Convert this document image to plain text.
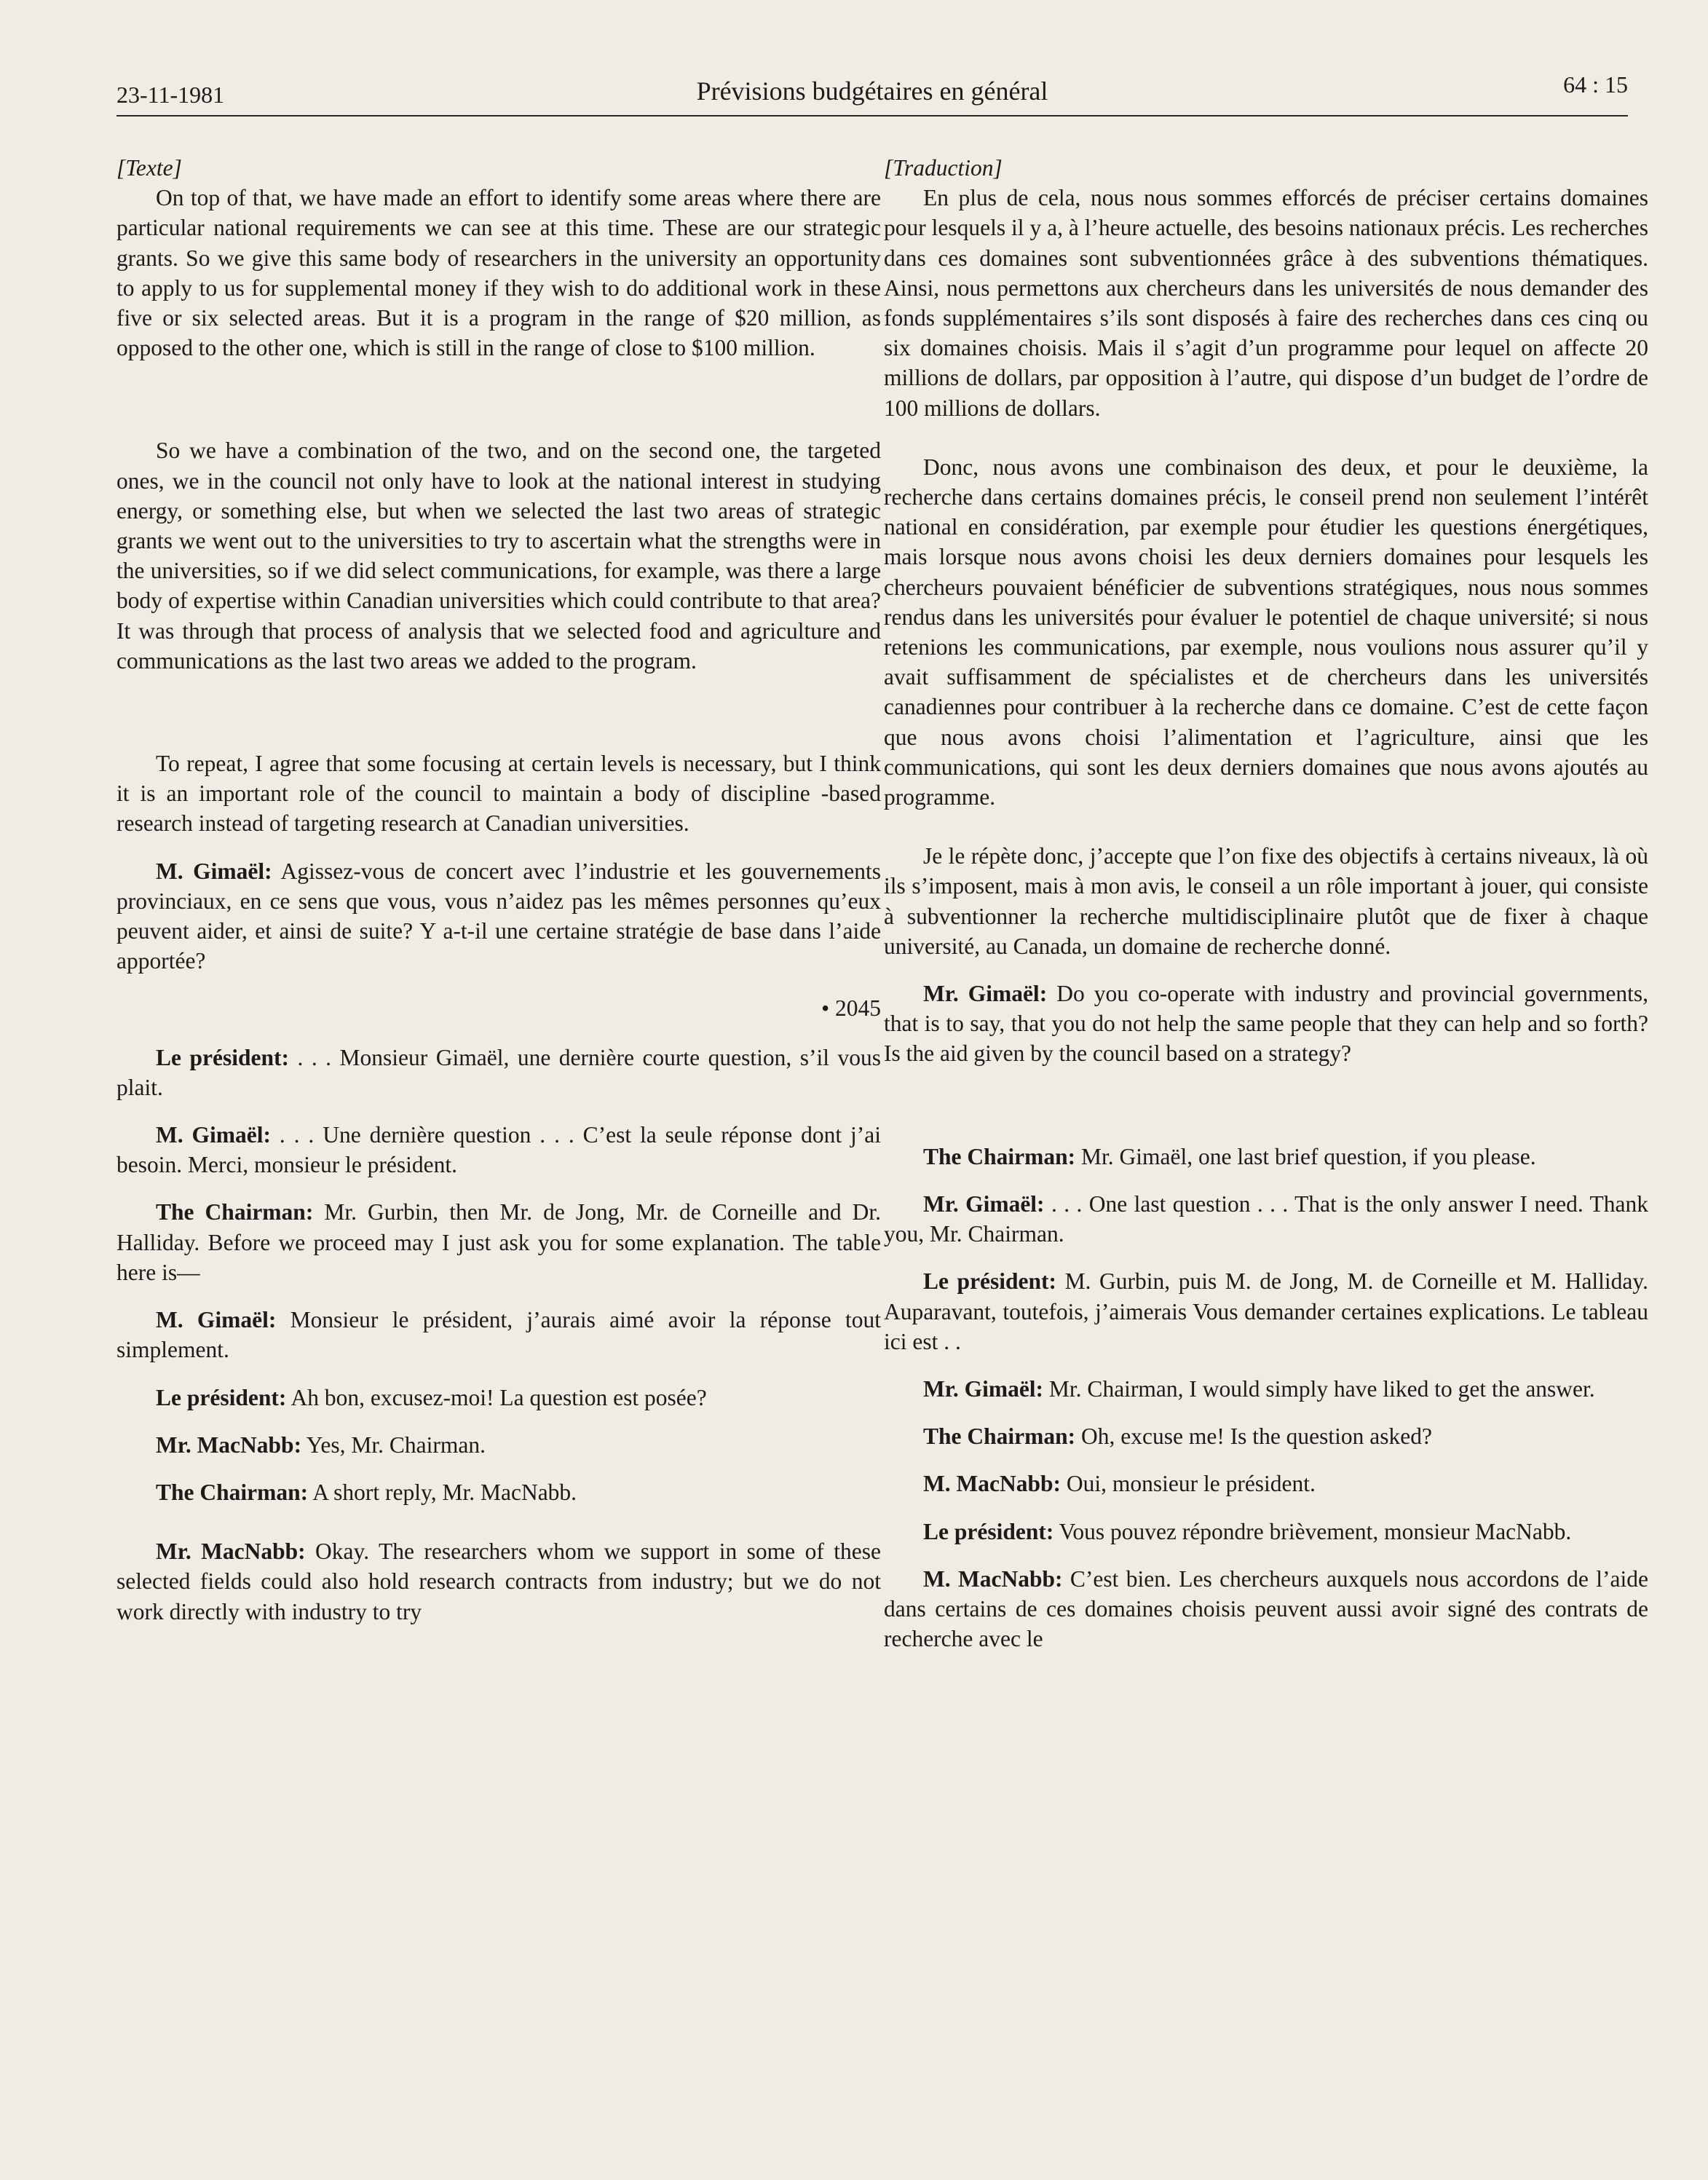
23-11-1981	Prévisions budgétaires en général	64 : 15

[Texte]

On top of that, we have made an effort to identify some areas where there are particular national requirements we can see at this time. These are our strategic grants. So we give this same body of researchers in the university an opportunity to apply to us for supplemental money if they wish to do additional work in these five or six selected areas. But it is a program in the range of $20 million, as opposed to the other one, which is still in the range of close to $100 million.

So we have a combination of the two, and on the second one, the targeted ones, we in the council not only have to look at the national interest in studying energy, or something else, but when we selected the last two areas of strategic grants we went out to the universities to try to ascertain what the strengths were in the universities, so if we did select communications, for example, was there a large body of expertise within Canadian universities which could contribute to that area? It was through that process of analysis that we selected food and agriculture and communications as the last two areas we added to the program.

To repeat, I agree that some focusing at certain levels is necessary, but I think it is an important role of the council to maintain a body of discipline -based research instead of targeting research at Canadian universities.

M. Gimaël: Agissez-vous de concert avec l’industrie et les gouvernements provinciaux, en ce sens que vous, vous n’aidez pas les mêmes personnes qu’eux peuvent aider, et ainsi de suite? Y a-t-il une certaine stratégie de base dans l’aide apportée?

• 2045

Le président: . . . Monsieur Gimaël, une dernière courte question, s’il vous plait.

M. Gimaël: . . . Une dernière question . . . C’est la seule réponse dont j’ai besoin. Merci, monsieur le président.

The Chairman: Mr. Gurbin, then Mr. de Jong, Mr. de Corneille and Dr. Halliday. Before we proceed may I just ask you for some explanation. The table here is—

M. Gimaël: Monsieur le président, j’aurais aimé avoir la réponse tout simplement.

Le président: Ah bon, excusez-moi! La question est posée?

Mr. MacNabb: Yes, Mr. Chairman.

The Chairman: A short reply, Mr. MacNabb.

Mr. MacNabb: Okay. The researchers whom we support in some of these selected fields could also hold research contracts from industry; but we do not work directly with industry to try

[Traduction]

En plus de cela, nous nous sommes efforcés de préciser certains domaines pour lesquels il y a, à l’heure actuelle, des besoins nationaux précis. Les recherches dans ces domaines sont subventionnées grâce à des subventions thématiques. Ainsi, nous permettons aux chercheurs dans les universités de nous demander des fonds supplémentaires s’ils sont disposés à faire des recherches dans ces cinq ou six domaines choisis. Mais il s’agit d’un programme pour lequel on affecte 20 millions de dollars, par opposition à l’autre, qui dispose d’un budget de l’ordre de 100 millions de dollars.

Donc, nous avons une combinaison des deux, et pour le deuxième, la recherche dans certains domaines précis, le conseil prend non seulement l’intérêt national en considération, par exemple pour étudier les questions énergétiques, mais lorsque nous avons choisi les deux derniers domaines pour lesquels les chercheurs pouvaient bénéficier de subventions stratégiques, nous nous sommes rendus dans les universités pour évaluer le potentiel de chaque université; si nous retenions les communications, par exemple, nous voulions nous assurer qu’il y avait suffisamment de spécialistes et de chercheurs dans les universités canadiennes pour contribuer à la recherche dans ce domaine. C’est de cette façon que nous avons choisi l’alimentation et l’agriculture, ainsi que les communications, qui sont les deux derniers domaines que nous avons ajoutés au programme.

Je le répète donc, j’accepte que l’on fixe des objectifs à certains niveaux, là où ils s’imposent, mais à mon avis, le conseil a un rôle important à jouer, qui consiste à subventionner la recherche multidisciplinaire plutôt que de fixer à chaque université, au Canada, un domaine de recherche donné.

Mr. Gimaël: Do you co-operate with industry and provincial governments, that is to say, that you do not help the same people that they can help and so forth? Is the aid given by the council based on a strategy?

The Chairman: Mr. Gimaël, one last brief question, if you please.

Mr. Gimaël: . . . One last question . . . That is the only answer I need. Thank you, Mr. Chairman.

Le président: M. Gurbin, puis M. de Jong, M. de Corneille et M. Halliday. Auparavant, toutefois, j’aimerais Vous demander certaines explications. Le tableau ici est . .

Mr. Gimaël: Mr. Chairman, I would simply have liked to get the answer.

The Chairman: Oh, excuse me! Is the question asked?

M. MacNabb: Oui, monsieur le président.

Le président: Vous pouvez répondre brièvement, monsieur MacNabb.

M. MacNabb: C’est bien. Les chercheurs auxquels nous accordons de l’aide dans certains de ces domaines choisis peuvent aussi avoir signé des contrats de recherche avec le
